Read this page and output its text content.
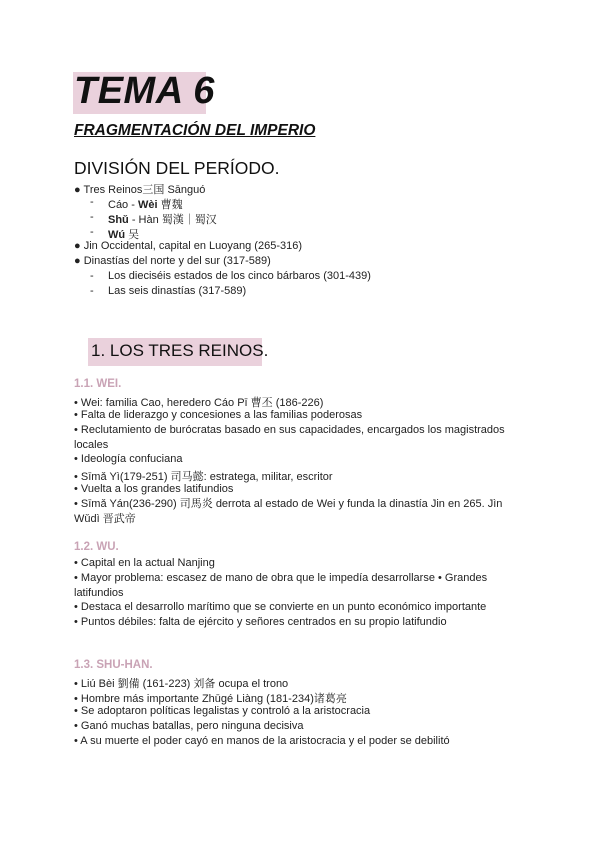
TEMA 6
FRAGMENTACIÓN DEL IMPERIO
DIVISIÓN DEL PERÍODO.
● Tres Reinos三国 Sānguó
- Cáo - Wèi 曹魏
- Shǔ - Hàn 蜀漢｜蜀汉
- Wú 吴
● Jin Occidental, capital en Luoyang (265-316)
● Dinastías del norte y del sur (317-589)
- Los dieciséis estados de los cinco bárbaros (301-439)
- Las seis dinastías (317-589)
1. LOS TRES REINOS.
1.1. WEI.
• Wei: familia Cao, heredero Cáo Pī 曹丕 (186-226)
• Falta de liderazgo y concesiones a las familias poderosas
• Reclutamiento de burócratas basado en sus capacidades, encargados los magistrados locales
• Ideología confuciana
• Sīmǎ Yì(179-251) 司马懿: estratega, militar, escritor
• Vuelta a los grandes latifundios
• Sīmǎ Yán(236-290) 司馬炎 derrota al estado de Wei y funda la dinastía Jin en 265. Jìn Wǔdì 晋武帝
1.2. WU.
• Capital en la actual Nanjing
• Mayor problema: escasez de mano de obra que le impedía desarrollarse • Grandes latifundios
• Destaca el desarrollo marítimo que se convierte en un punto económico importante
• Puntos débiles: falta de ejército y señores centrados en su propio latifundio
1.3. SHU-HAN.
• Liú Bèi 劉備 (161-223) 刘备 ocupa el trono
• Hombre más importante Zhūgé Liàng (181-234)诸葛亮
• Se adoptaron políticas legalistas y controló a la aristocracia
• Ganó muchas batallas, pero ninguna decisiva
• A su muerte el poder cayó en manos de la aristocracia y el poder se debilitó
